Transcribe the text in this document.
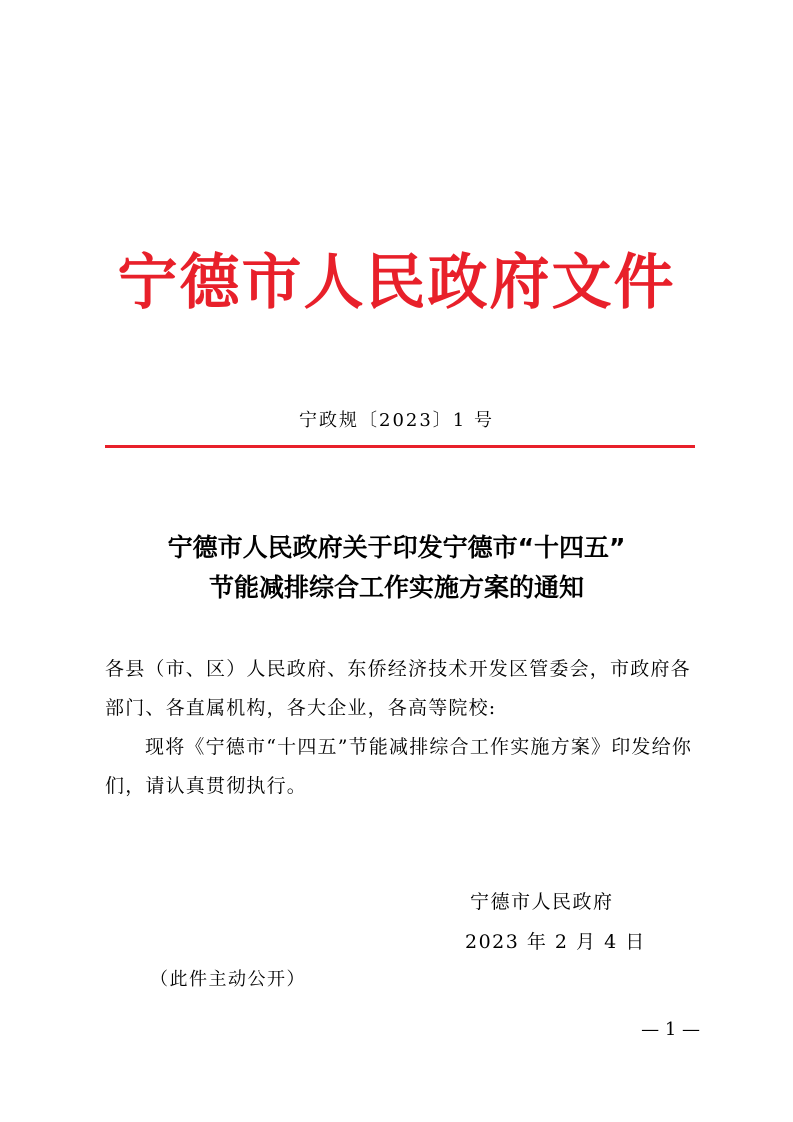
宁德市人民政府文件
宁政规〔2023〕1 号
宁德市人民政府关于印发宁德市“十四五”
节能减排综合工作实施方案的通知

各县（市、区）人民政府、东侨经济技术开发区管委会，市政府各部门、各直属机构，各大企业，各高等院校:

现将《宁德市“十四五”节能减排综合工作实施方案》印发给你们，请认真贯彻执行。

宁德市人民政府
2023 年 2 月 4 日
（此件主动公开）
— 1 —
